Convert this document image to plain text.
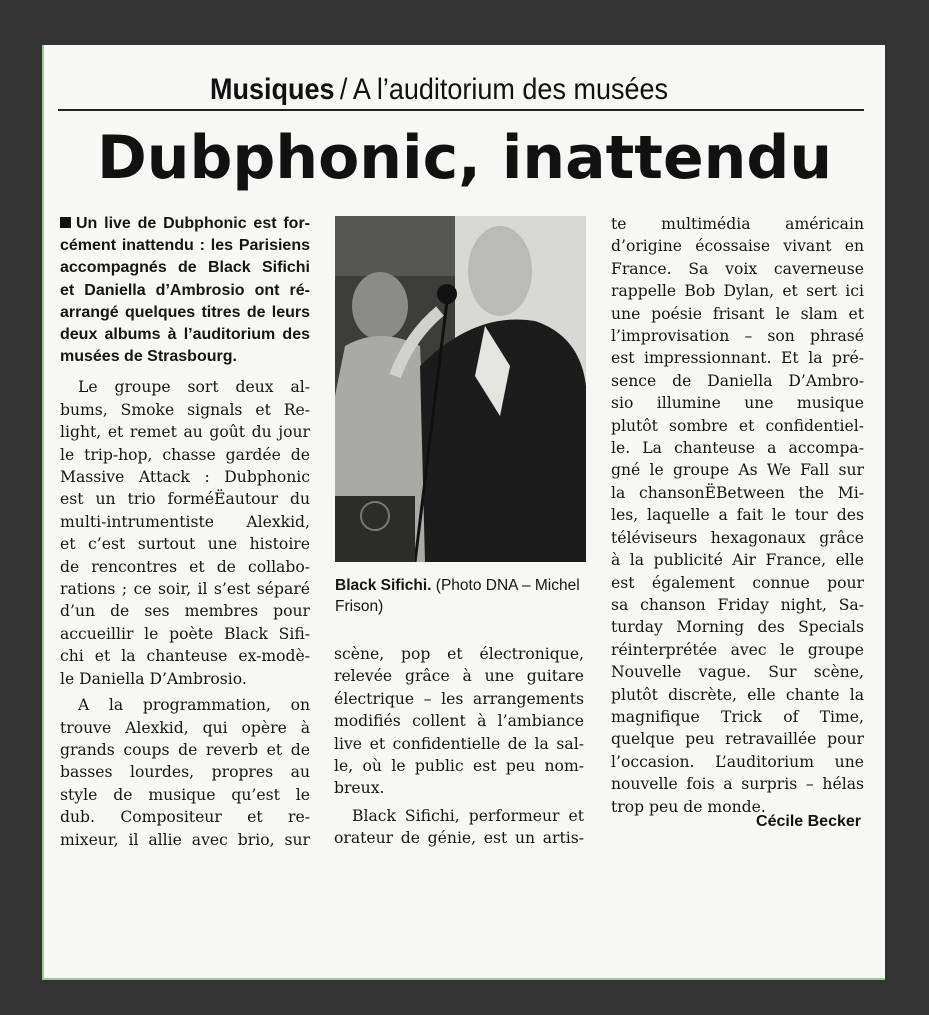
Musiques / A l’auditorium des musées
Dubphonic, inattendu
Un live de Dubphonic est for-
cément inattendu : les Parisiens
accompagnés de Black Sifichi
et Daniella d’Ambrosio ont ré-
arrangé quelques titres de leurs
deux albums à l’auditorium des
musées de Strasbourg.

Le groupe sort deux al-
bums, Smoke signals et Re-
light, et remet au goût du jour
le trip-hop, chasse gardée de
Massive Attack : Dubphonic
est un trio forméËautour du
multi-intrumentiste Alexkid,
et c’est surtout une histoire
de rencontres et de collabo-
rations ; ce soir, il s’est séparé
d’un de ses membres pour
accueillir le poète Black Sifi-
chi et la chanteuse ex-modè-
le Daniella D’Ambrosio.

A la programmation, on
trouve Alexkid, qui opère à
grands coups de reverb et de
basses lourdes, propres au
style de musique qu’est le
dub. Compositeur et re-
mixeur, il allie avec brio, sur

Black Sifichi. (Photo DNA – Michel Frison)

scène, pop et électronique,
relevée grâce à une guitare
électrique – les arrangements
modifiés collent à l’ambiance
live et confidentielle de la sal-
le, où le public est peu nom-
breux.

Black Sifichi, performeur et
orateur de génie, est un artis-

te multimédia américain
d’origine écossaise vivant en
France. Sa voix caverneuse
rappelle Bob Dylan, et sert ici
une poésie frisant le slam et
l’improvisation – son phrasé
est impressionnant. Et la pré-
sence de Daniella D’Ambro-
sio illumine une musique
plutôt sombre et confidentiel-
le. La chanteuse a accompa-
gné le groupe As We Fall sur
la chansonËBetween the Mi-
les, laquelle a fait le tour des
téléviseurs hexagonaux grâce
à la publicité Air France, elle
est également connue pour
sa chanson Friday night, Sa-
turday Morning des Specials
réinterprétée avec le groupe
Nouvelle vague. Sur scène,
plutôt discrète, elle chante la
magnifique Trick of Time,
quelque peu retravaillée pour
l’occasion. L’auditorium une
nouvelle fois a surpris – hélas
trop peu de monde.
Cécile Becker
